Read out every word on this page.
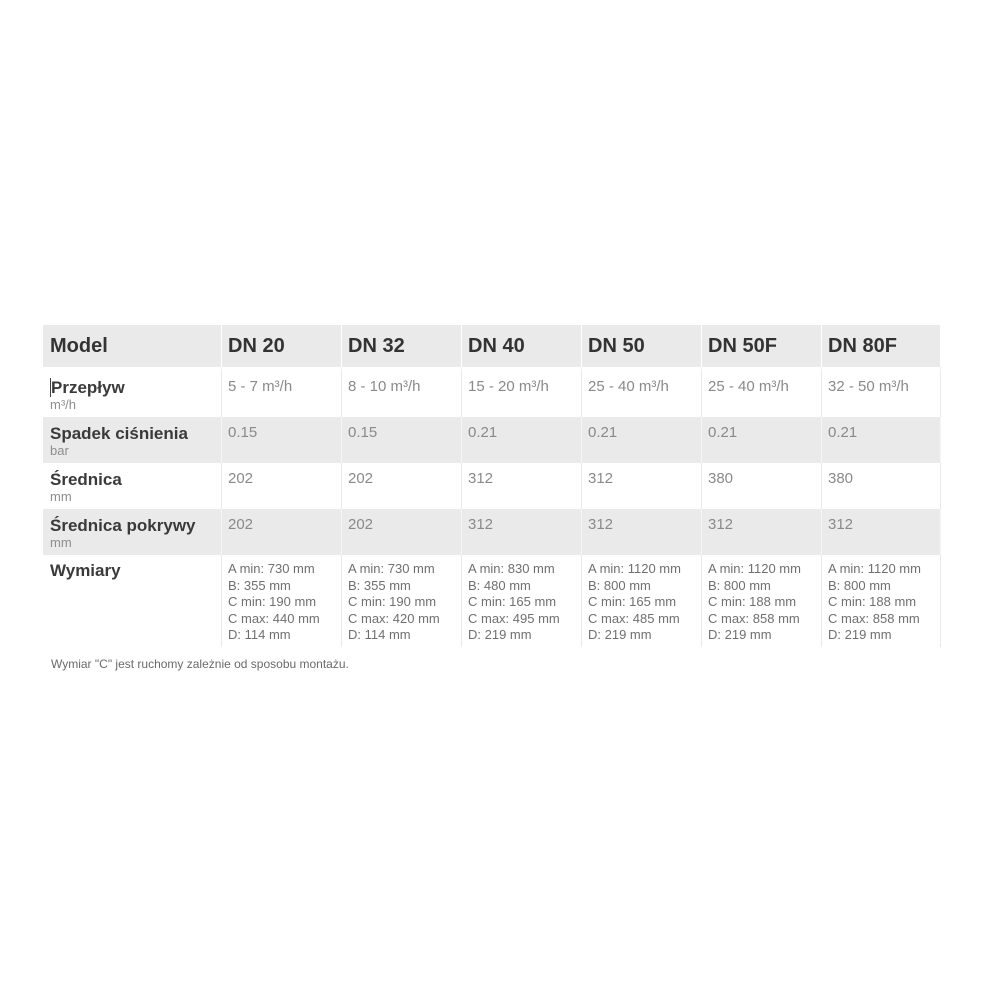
Model	DN 20	DN 32	DN 40	DN 50	DN 50F	DN 80F

Przepływ
m³/h	5 - 7 m³/h	8 - 10 m³/h	15 - 20 m³/h	25 - 40 m³/h	25 - 40 m³/h	32 - 50 m³/h

Spadek ciśnienia
bar	0.15	0.15	0.21	0.21	0.21	0.21

Średnica
mm	202	202	312	312	380	380

Średnica pokrywy
mm	202	202	312	312	312	312

Wymiary	A min: 730 mm
B: 355 mm
C min: 190 mm
C max: 440 mm
D: 114 mm	A min: 730 mm
B: 355 mm
C min: 190 mm
C max: 420 mm
D: 114 mm	A min: 830 mm
B: 480 mm
C min: 165 mm
C max: 495 mm
D: 219 mm	A min: 1120 mm
B: 800 mm
C min: 165 mm
C max: 485 mm
D: 219 mm	A min: 1120 mm
B: 800 mm
C min: 188 mm
C max: 858 mm
D: 219 mm	A min: 1120 mm
B: 800 mm
C min: 188 mm
C max: 858 mm
D: 219 mm
Wymiar "C" jest ruchomy zależnie od sposobu montażu.
